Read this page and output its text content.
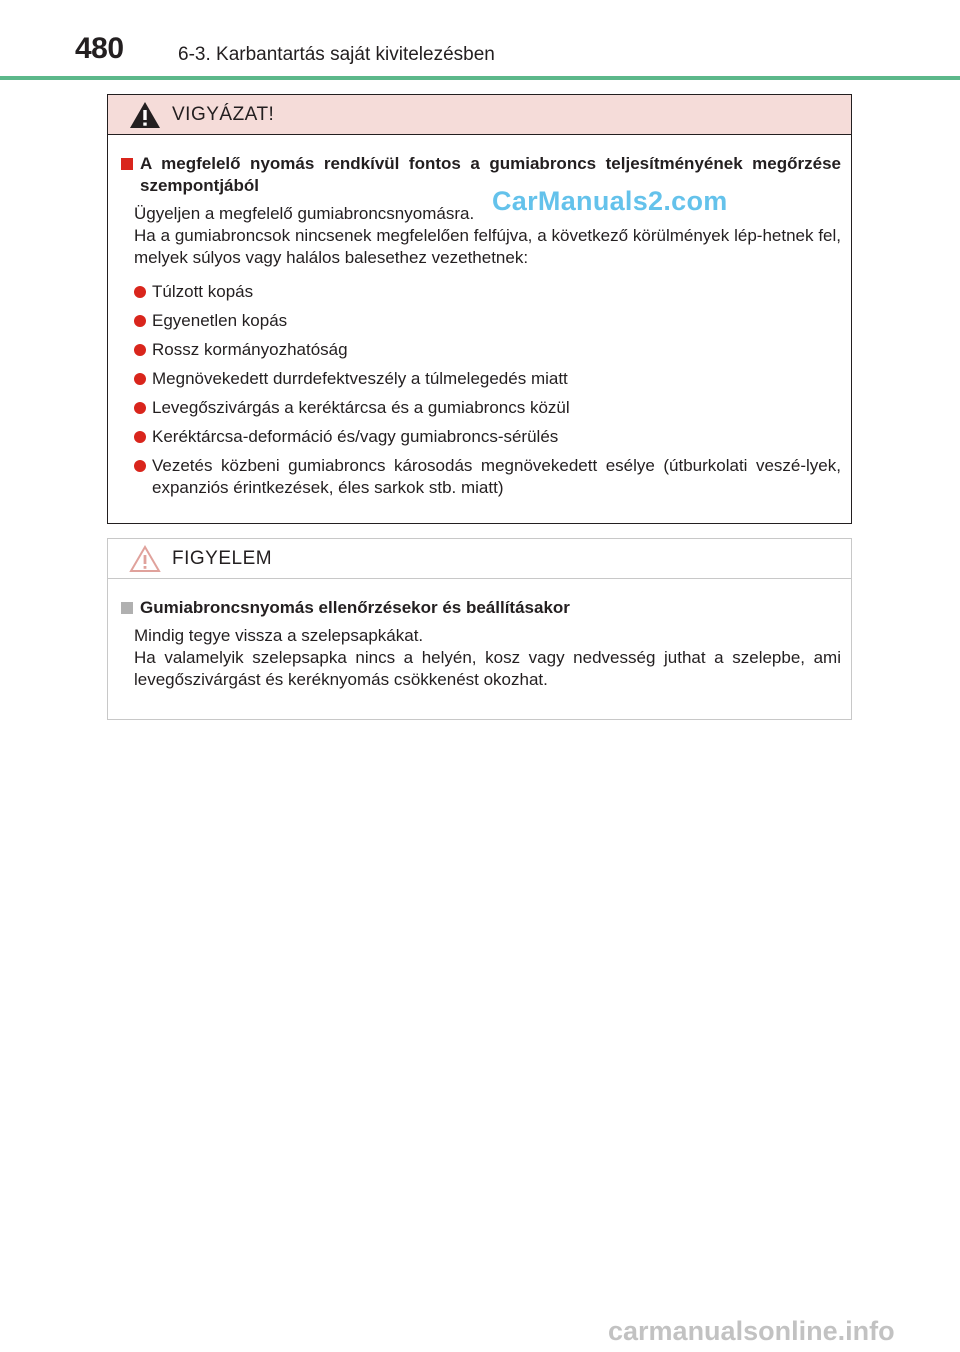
480	6-3. Karbantartás saját kivitelezésben
VIGYÁZAT!
A megfelelő nyomás rendkívül fontos a gumiabroncs teljesítményének megőrzése szempontjából
Ügyeljen a megfelelő gumiabroncsnyomásra.
Ha a gumiabroncsok nincsenek megfelelően felfújva, a következő körülmények lép-hetnek fel, melyek súlyos vagy halálos balesethez vezethetnek:
Túlzott kopás
Egyenetlen kopás
Rossz kormányozhatóság
Megnövekedett durrdefektveszély a túlmelegedés miatt
Levegőszivárgás a keréktárcsa és a gumiabroncs közül
Keréktárcsa-deformáció és/vagy gumiabroncs-sérülés
Vezetés közbeni gumiabroncs károsodás megnövekedett esélye (útburkolati veszé-lyek, expanziós érintkezések, éles sarkok stb. miatt)
FIGYELEM
Gumiabroncsnyomás ellenőrzésekor és beállításakor
Mindig tegye vissza a szelepsapkákat.
Ha valamelyik szelepsapka nincs a helyén, kosz vagy nedvesség juthat a szelepbe, ami levegőszivárgást és keréknyomás csökkenést okozhat.
CarManuals2.com
carmanualsonline.info
